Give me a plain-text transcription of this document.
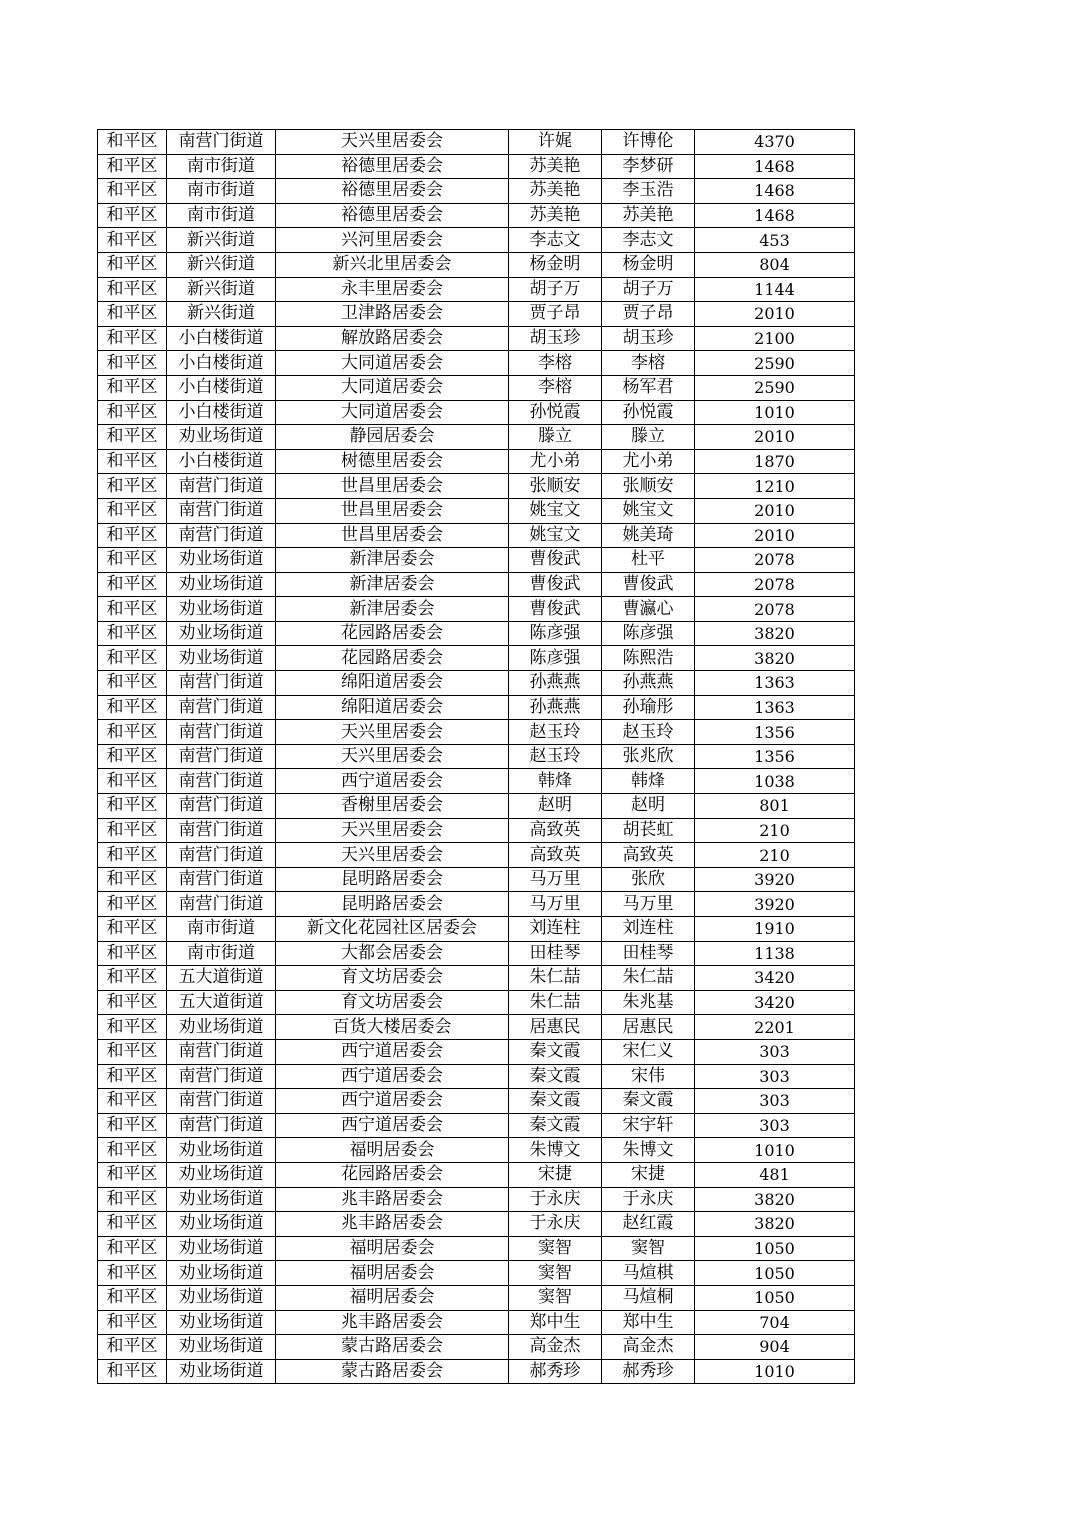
和平区	南营门街道	天兴里居委会	许娓	许博伦	4370
和平区	南市街道	裕德里居委会	苏美艳	李梦研	1468
和平区	南市街道	裕德里居委会	苏美艳	李玉浩	1468
和平区	南市街道	裕德里居委会	苏美艳	苏美艳	1468
和平区	新兴街道	兴河里居委会	李志文	李志文	453
和平区	新兴街道	新兴北里居委会	杨金明	杨金明	804
和平区	新兴街道	永丰里居委会	胡子万	胡子万	1144
和平区	新兴街道	卫津路居委会	贾子昂	贾子昂	2010
和平区	小白楼街道	解放路居委会	胡玉珍	胡玉珍	2100
和平区	小白楼街道	大同道居委会	李榕	李榕	2590
和平区	小白楼街道	大同道居委会	李榕	杨军君	2590
和平区	小白楼街道	大同道居委会	孙悦霞	孙悦霞	1010
和平区	劝业场街道	静园居委会	滕立	滕立	2010
和平区	小白楼街道	树德里居委会	尤小弟	尤小弟	1870
和平区	南营门街道	世昌里居委会	张顺安	张顺安	1210
和平区	南营门街道	世昌里居委会	姚宝文	姚宝文	2010
和平区	南营门街道	世昌里居委会	姚宝文	姚美琦	2010
和平区	劝业场街道	新津居委会	曹俊武	杜平	2078
和平区	劝业场街道	新津居委会	曹俊武	曹俊武	2078
和平区	劝业场街道	新津居委会	曹俊武	曹瀛心	2078
和平区	劝业场街道	花园路居委会	陈彦强	陈彦强	3820
和平区	劝业场街道	花园路居委会	陈彦强	陈熙浩	3820
和平区	南营门街道	绵阳道居委会	孙燕燕	孙燕燕	1363
和平区	南营门街道	绵阳道居委会	孙燕燕	孙瑜彤	1363
和平区	南营门街道	天兴里居委会	赵玉玲	赵玉玲	1356
和平区	南营门街道	天兴里居委会	赵玉玲	张兆欣	1356
和平区	南营门街道	西宁道居委会	韩烽	韩烽	1038
和平区	南营门街道	香榭里居委会	赵明	赵明	801
和平区	南营门街道	天兴里居委会	高致英	胡苌虹	210
和平区	南营门街道	天兴里居委会	高致英	高致英	210
和平区	南营门街道	昆明路居委会	马万里	张欣	3920
和平区	南营门街道	昆明路居委会	马万里	马万里	3920
和平区	南市街道	新文化花园社区居委会	刘连柱	刘连柱	1910
和平区	南市街道	大都会居委会	田桂琴	田桂琴	1138
和平区	五大道街道	育文坊居委会	朱仁喆	朱仁喆	3420
和平区	五大道街道	育文坊居委会	朱仁喆	朱兆基	3420
和平区	劝业场街道	百货大楼居委会	居惠民	居惠民	2201
和平区	南营门街道	西宁道居委会	秦文霞	宋仁义	303
和平区	南营门街道	西宁道居委会	秦文霞	宋伟	303
和平区	南营门街道	西宁道居委会	秦文霞	秦文霞	303
和平区	南营门街道	西宁道居委会	秦文霞	宋宇轩	303
和平区	劝业场街道	福明居委会	朱博文	朱博文	1010
和平区	劝业场街道	花园路居委会	宋捷	宋捷	481
和平区	劝业场街道	兆丰路居委会	于永庆	于永庆	3820
和平区	劝业场街道	兆丰路居委会	于永庆	赵红霞	3820
和平区	劝业场街道	福明居委会	窦智	窦智	1050
和平区	劝业场街道	福明居委会	窦智	马煊棋	1050
和平区	劝业场街道	福明居委会	窦智	马煊桐	1050
和平区	劝业场街道	兆丰路居委会	郑中生	郑中生	704
和平区	劝业场街道	蒙古路居委会	高金杰	高金杰	904
和平区	劝业场街道	蒙古路居委会	郝秀珍	郝秀珍	1010
